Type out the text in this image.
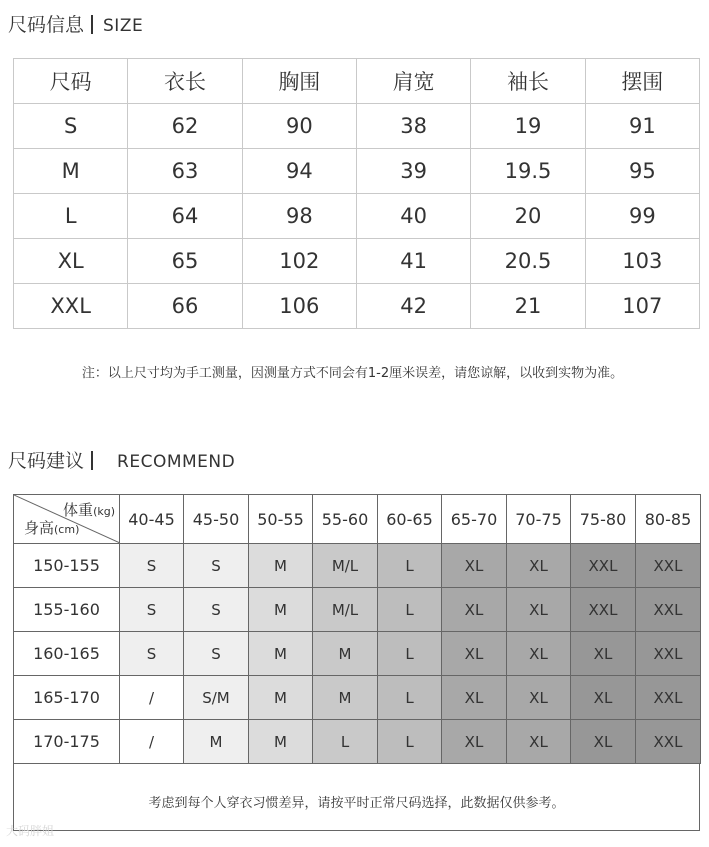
尺码信息 SIZE
尺码	衣长	胸围	肩宽	袖长	摆围
S	62	90	38	19	91
M	63	94	39	19.5	95
L	64	98	40	20	99
XL	65	102	41	20.5	103
XXL	66	106	42	21	107
注：以上尺寸均为手工测量，因测量方式不同会有1-2厘米误差，请您谅解，以收到实物为准。
尺码建议 RECOMMEND
体重(kg)
身高(cm)	40-45	45-50	50-55	55-60	60-65	65-70	70-75	75-80	80-85
150-155	S	S	M	M/L	L	XL	XL	XXL	XXL
155-160	S	S	M	M/L	L	XL	XL	XXL	XXL
160-165	S	S	M	M	L	XL	XL	XL	XXL
165-170	/	S/M	M	M	L	XL	XL	XL	XXL
170-175	/	M	M	L	L	XL	XL	XL	XXL
考虑到每个人穿衣习惯差异，请按平时正常尺码选择，此数据仅供参考。
大码胖姐
